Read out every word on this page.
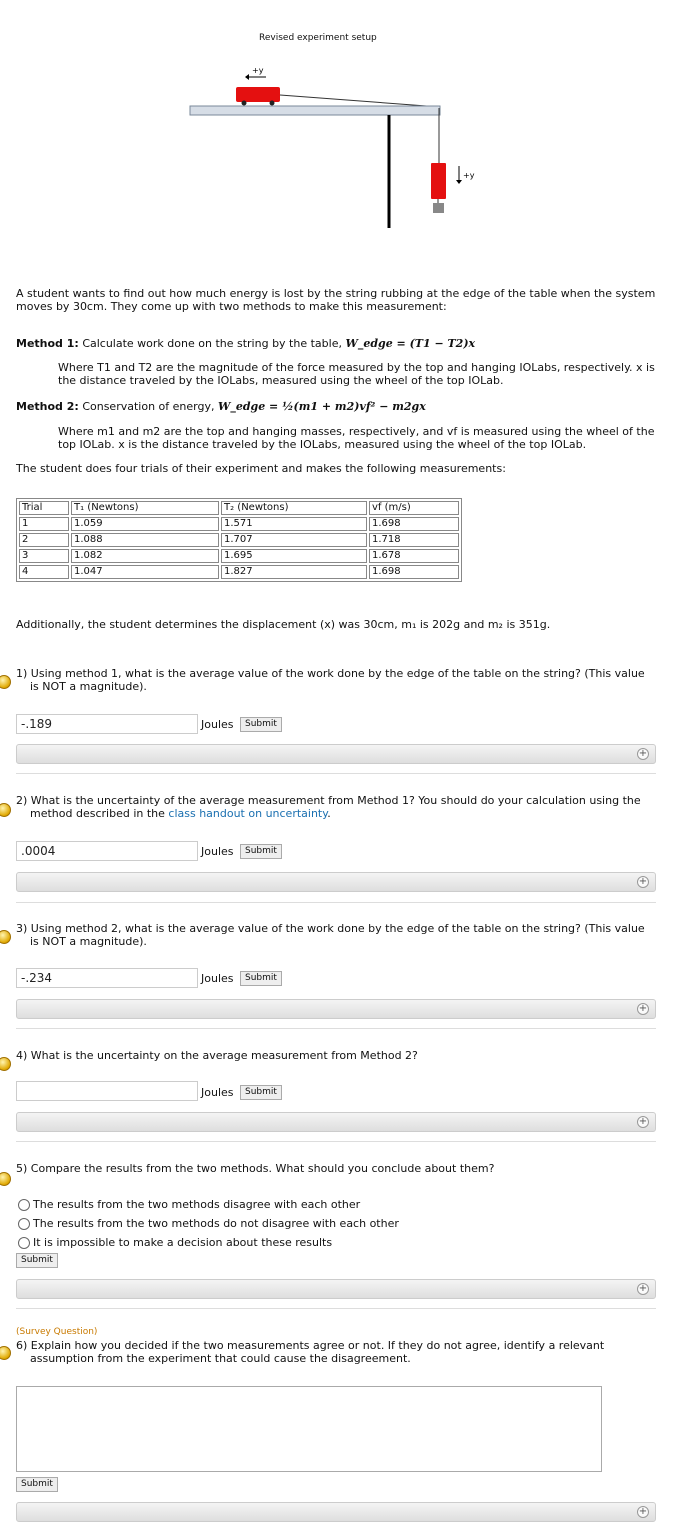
Revised experiment setup
+y
+y
A student wants to find out how much energy is lost by the string rubbing at the edge of the table when the system moves by 30cm. They come up with two methods to make this measurement:
Method 1: Calculate work done on the string by the table, W_edge = (T1 − T2)x
Where T1 and T2 are the magnitude of the force measured by the top and hanging IOLabs, respectively. x is the distance traveled by the IOLabs, measured using the wheel of the top IOLab.
Method 2: Conservation of energy, W_edge = ½(m1 + m2)vf² − m2gx
Where m1 and m2 are the top and hanging masses, respectively, and vf is measured using the wheel of the top IOLab. x is the distance traveled by the IOLabs, measured using the wheel of the top IOLab.
The student does four trials of their experiment and makes the following measurements:
Trial	T₁ (Newtons)	T₂ (Newtons)	vf (m/s)
1	1.059	1.571	1.698
2	1.088	1.707	1.718
3	1.082	1.695	1.678
4	1.047	1.827	1.698
Additionally, the student determines the displacement (x) was 30cm, m₁ is 202g and m₂ is 351g.
1) Using method 1, what is the average value of the work done by the edge of the table on the string? (This value
is NOT a magnitude).
-.189
Joules	Submit
+
2) What is the uncertainty of the average measurement from Method 1? You should do your calculation using the
method described in the class handout on uncertainty.
.0004
Joules	Submit
+
3) Using method 2, what is the average value of the work done by the edge of the table on the string? (This value
is NOT a magnitude).
-.234
Joules	Submit
+
4) What is the uncertainty on the average measurement from Method 2?
Joules	Submit
+
5) Compare the results from the two methods. What should you conclude about them?
The results from the two methods disagree with each other
The results from the two methods do not disagree with each other
It is impossible to make a decision about these results
Submit
+
(Survey Question)
6) Explain how you decided if the two measurements agree or not. If they do not agree, identify a relevant
assumption from the experiment that could cause the disagreement.
Submit
+
